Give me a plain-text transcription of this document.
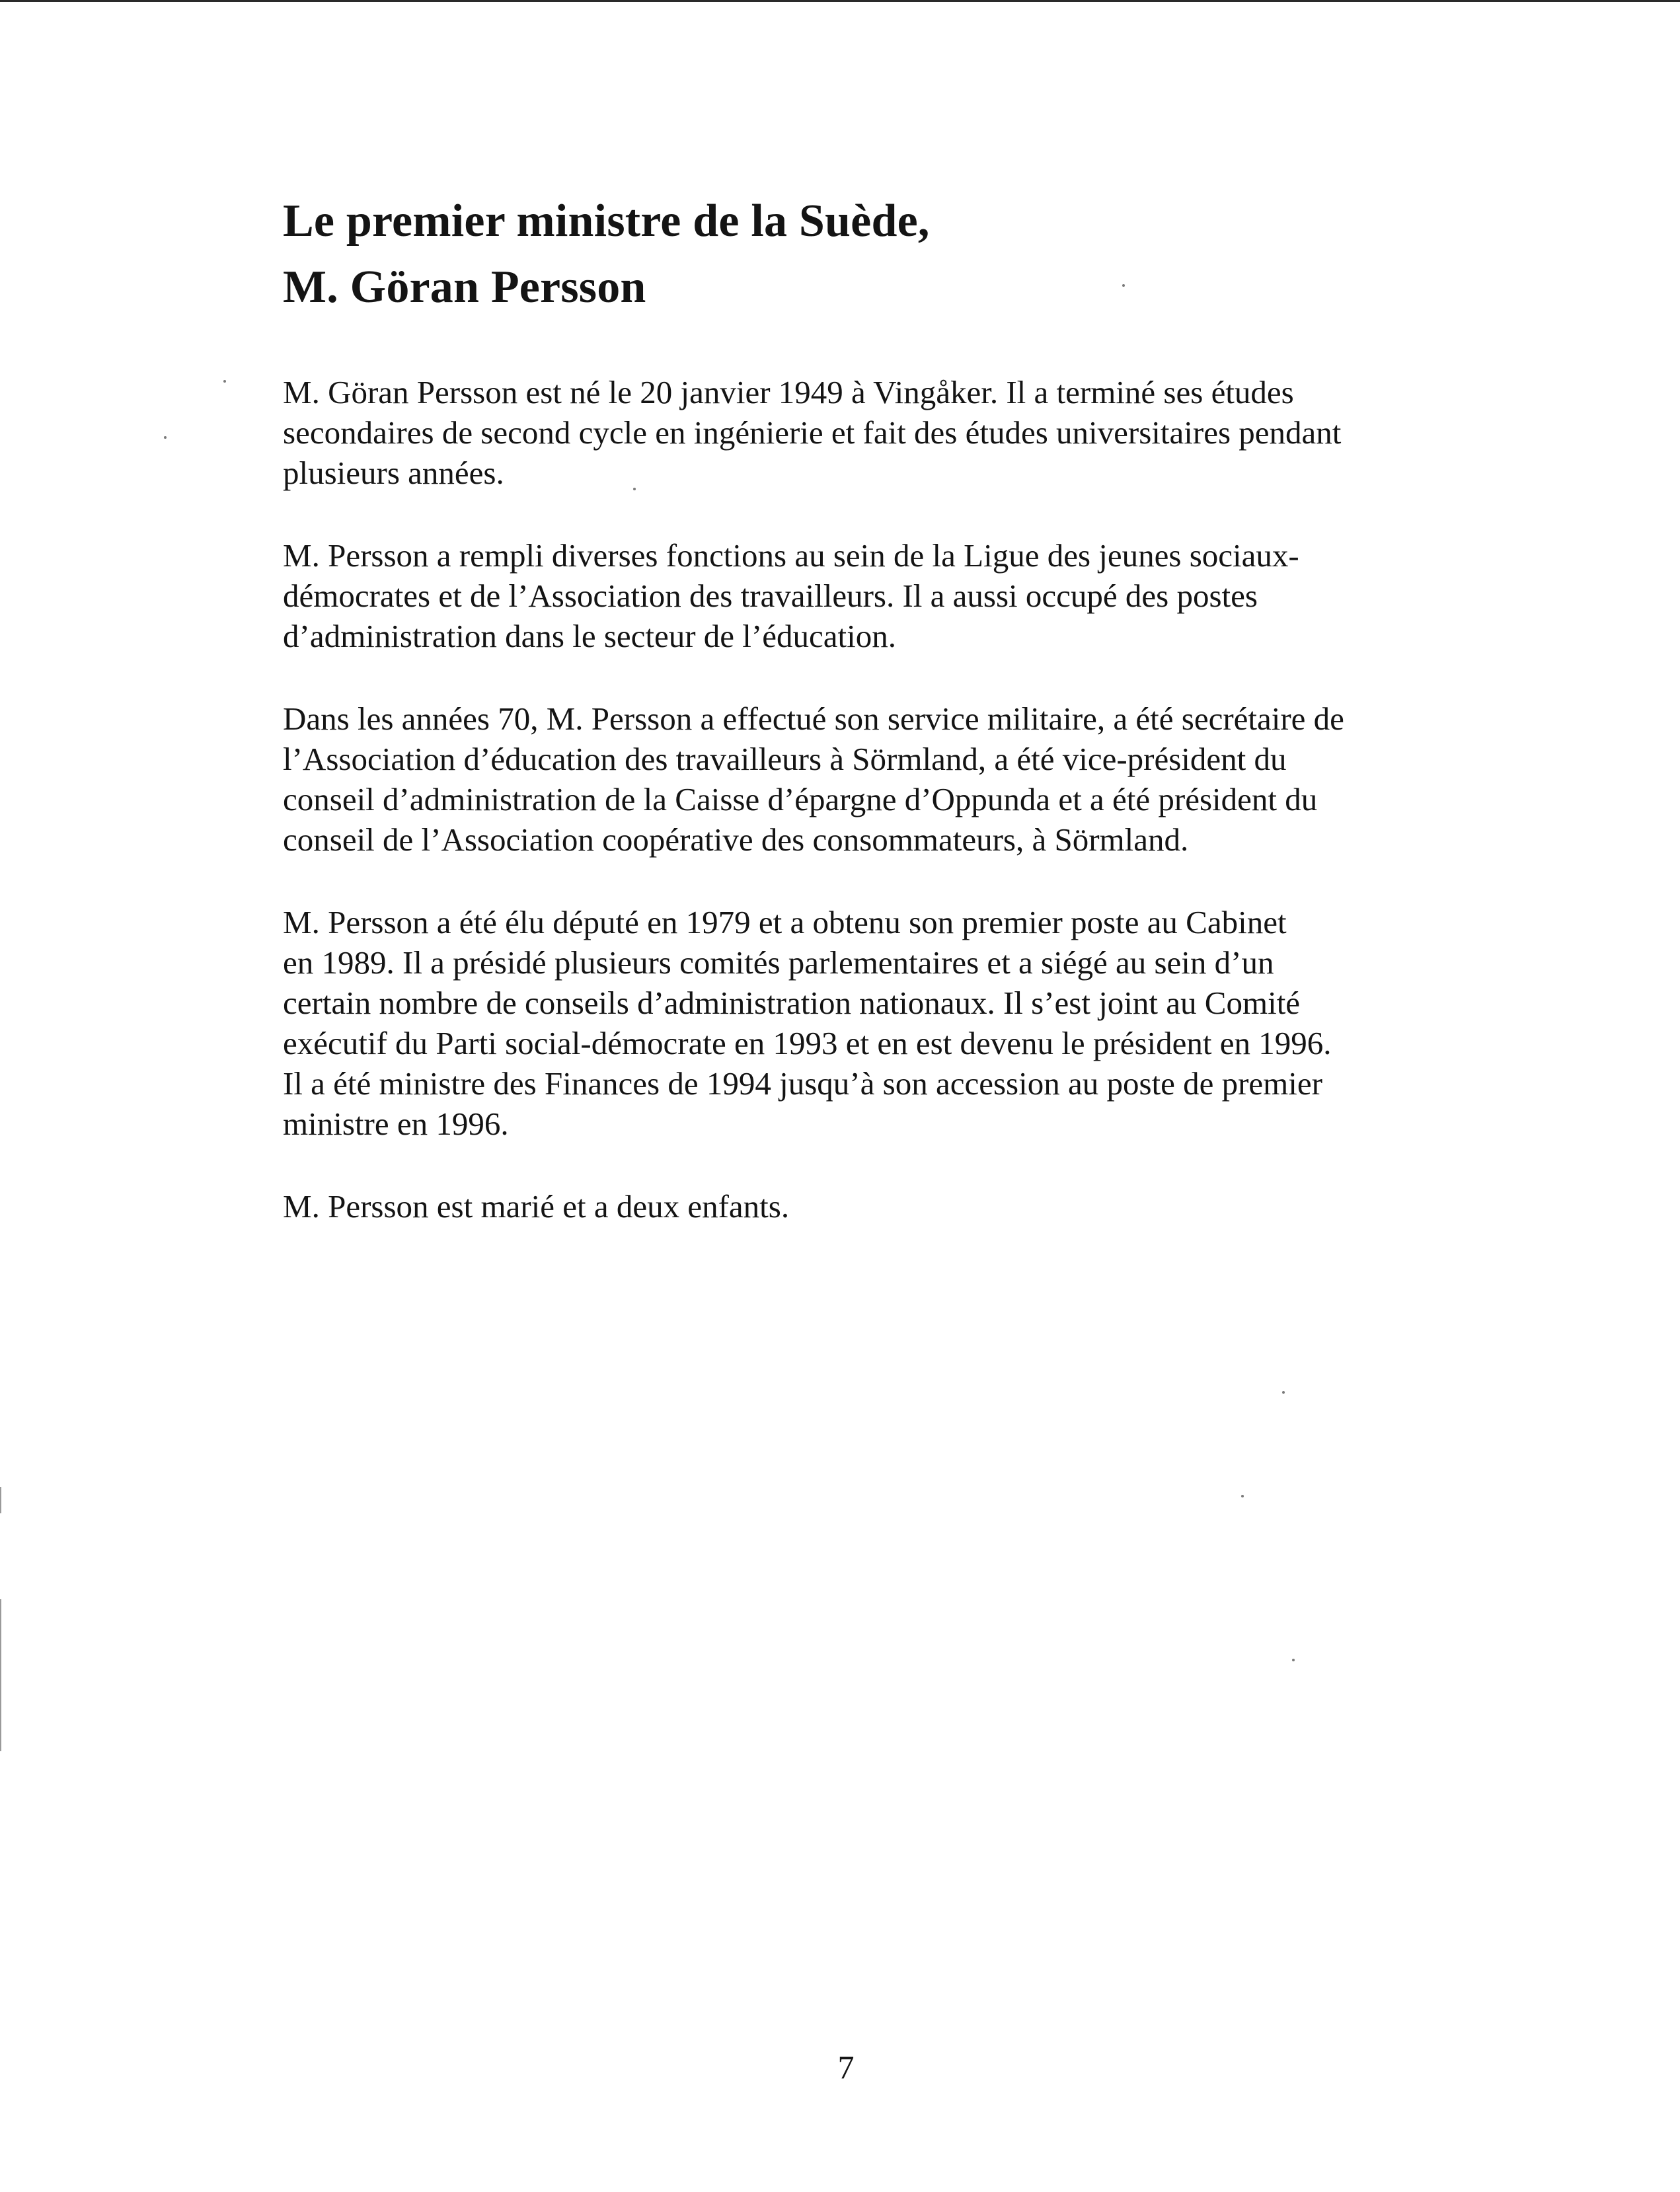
Le premier ministre de la Suède,
M. Göran Persson

M. Göran Persson est né le 20 janvier 1949 à Vingåker. Il a terminé ses études
secondaires de second cycle en ingénierie et fait des études universitaires pendant
plusieurs années.

M. Persson a rempli diverses fonctions au sein de la Ligue des jeunes sociaux-
démocrates et de l’Association des travailleurs. Il a aussi occupé des postes
d’administration dans le secteur de l’éducation.

Dans les années 70, M. Persson a effectué son service militaire, a été secrétaire de
l’Association d’éducation des travailleurs à Sörmland, a été vice-président du
conseil d’administration de la Caisse d’épargne d’Oppunda et a été président du
conseil de l’Association coopérative des consommateurs, à Sörmland.

M. Persson a été élu député en 1979 et a obtenu son premier poste au Cabinet
en 1989. Il a présidé plusieurs comités parlementaires et a siégé au sein d’un
certain nombre de conseils d’administration nationaux. Il s’est joint au Comité
exécutif du Parti social-démocrate en 1993 et en est devenu le président en 1996.
Il a été ministre des Finances de 1994 jusqu’à son accession au poste de premier
ministre en 1996.

M. Persson est marié et a deux enfants.

7
